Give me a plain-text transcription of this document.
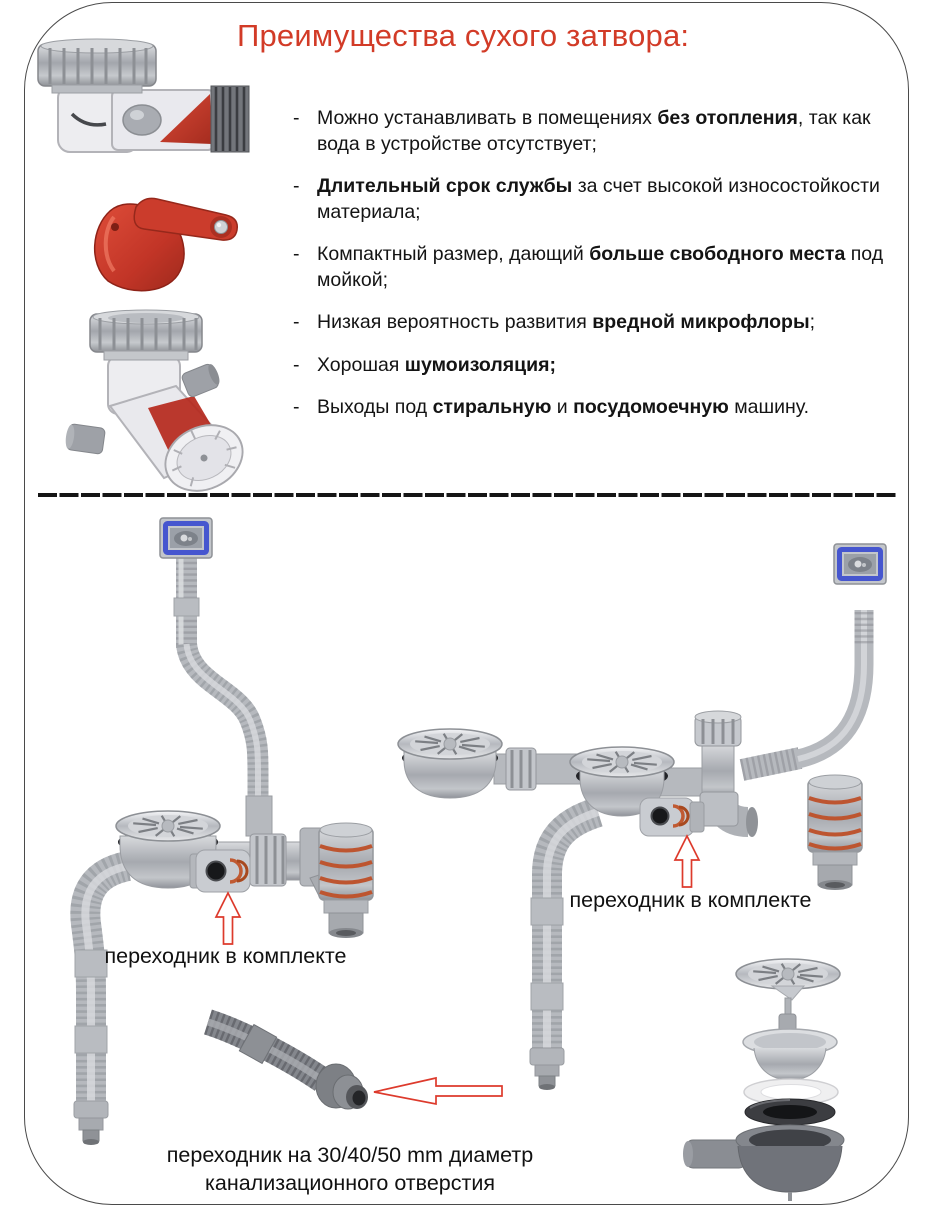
Преимущества сухого затвора:
- Можно устанавливать в помещениях без отопления, так как вода в устройстве отсутствует;

- Длительный срок службы за счет высокой износостойкости материала;

- Компактный размер, дающий больше свободного места под мойкой;

- Низкая вероятность развития вредной микрофлоры;

- Хорошая шумоизоляция;

- Выходы под стиральную и посудомоечную машину.

переходник в комплекте
переходник в комплекте
переходник на 30/40/50 mm диаметр
канализационного отверстия
